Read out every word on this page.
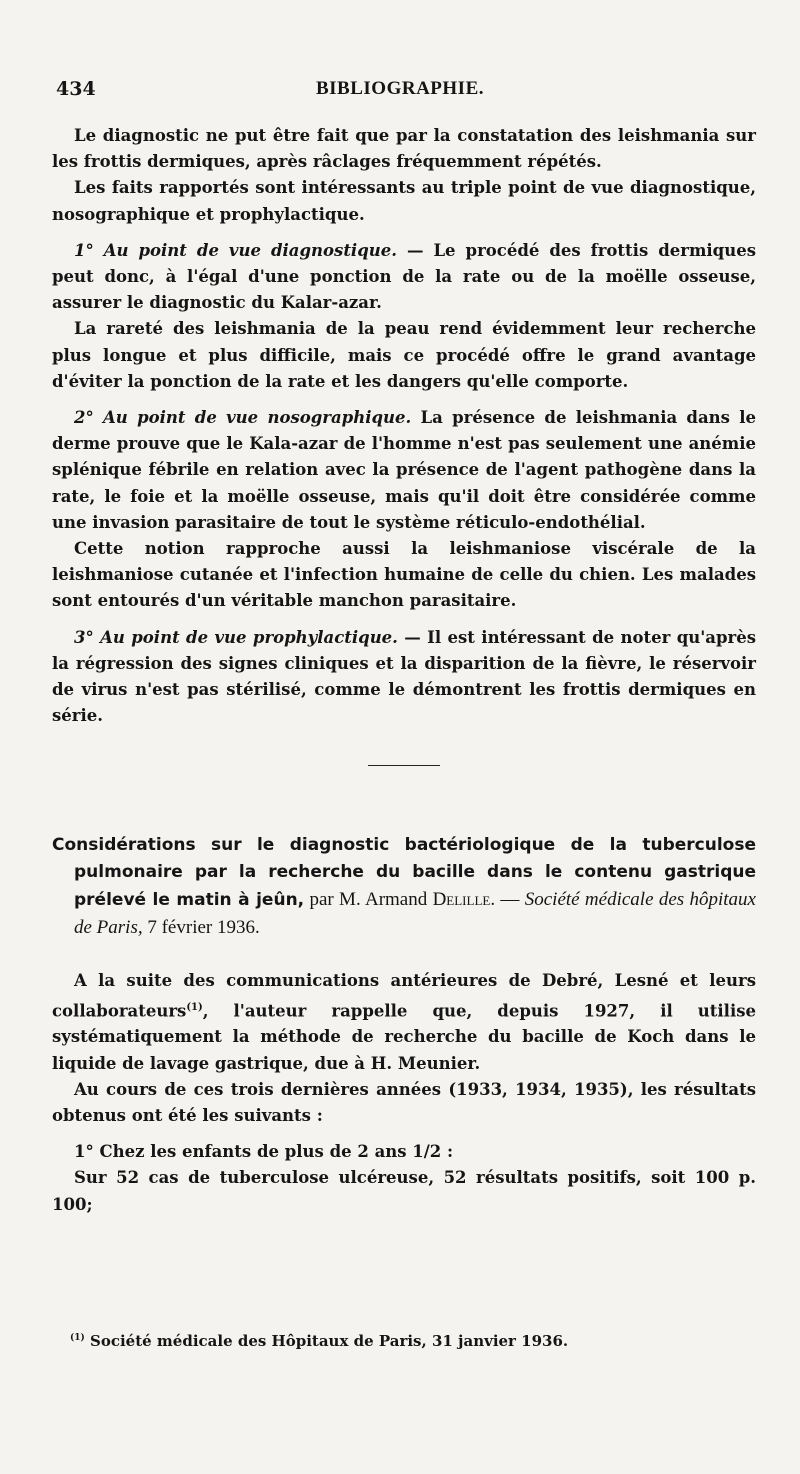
434	BIBLIOGRAPHIE.

Le diagnostic ne put être fait que par la constatation des leishmania sur les frottis dermiques, après râclages fréquemment répétés.

Les faits rapportés sont intéressants au triple point de vue diagnostique, nosographique et prophylactique.

1° Au point de vue diagnostique. — Le procédé des frottis dermiques peut donc, à l'égal d'une ponction de la rate ou de la moëlle osseuse, assurer le diagnostic du Kalar-azar.

La rareté des leishmania de la peau rend évidemment leur recherche plus longue et plus difficile, mais ce procédé offre le grand avantage d'éviter la ponction de la rate et les dangers qu'elle comporte.

2° Au point de vue nosographique. La présence de leishmania dans le derme prouve que le Kala-azar de l'homme n'est pas seulement une anémie splénique fébrile en relation avec la présence de l'agent pathogène dans la rate, le foie et la moëlle osseuse, mais qu'il doit être considérée comme une invasion parasitaire de tout le système réticulo-endothélial.

Cette notion rapproche aussi la leishmaniose viscérale de la leishmaniose cutanée et l'infection humaine de celle du chien. Les malades sont entourés d'un véritable manchon parasitaire.

3° Au point de vue prophylactique. — Il est intéressant de noter qu'après la régression des signes cliniques et la disparition de la fièvre, le réservoir de virus n'est pas stérilisé, comme le démontrent les frottis dermiques en série.

Considérations sur le diagnostic bactériologique de la tuberculose pulmonaire par la recherche du bacille dans le contenu gastrique prélevé le matin à jeûn, par M. Armand Delille. — Société médicale des hôpitaux de Paris, 7 février 1936.

A la suite des communications antérieures de Debré, Lesné et leurs collaborateurs$^{(1)}$, l'auteur rappelle que, depuis 1927, il utilise systématiquement la méthode de recherche du bacille de Koch dans le liquide de lavage gastrique, due à H. Meunier.

Au cours de ces trois dernières années (1933, 1934, 1935), les résultats obtenus ont été les suivants :

1° Chez les enfants de plus de 2 ans 1/2 :

Sur 52 cas de tuberculose ulcéreuse, 52 résultats positifs, soit 100 p. 100;

$^{(1)}$ Société médicale des Hôpitaux de Paris, 31 janvier 1936.
